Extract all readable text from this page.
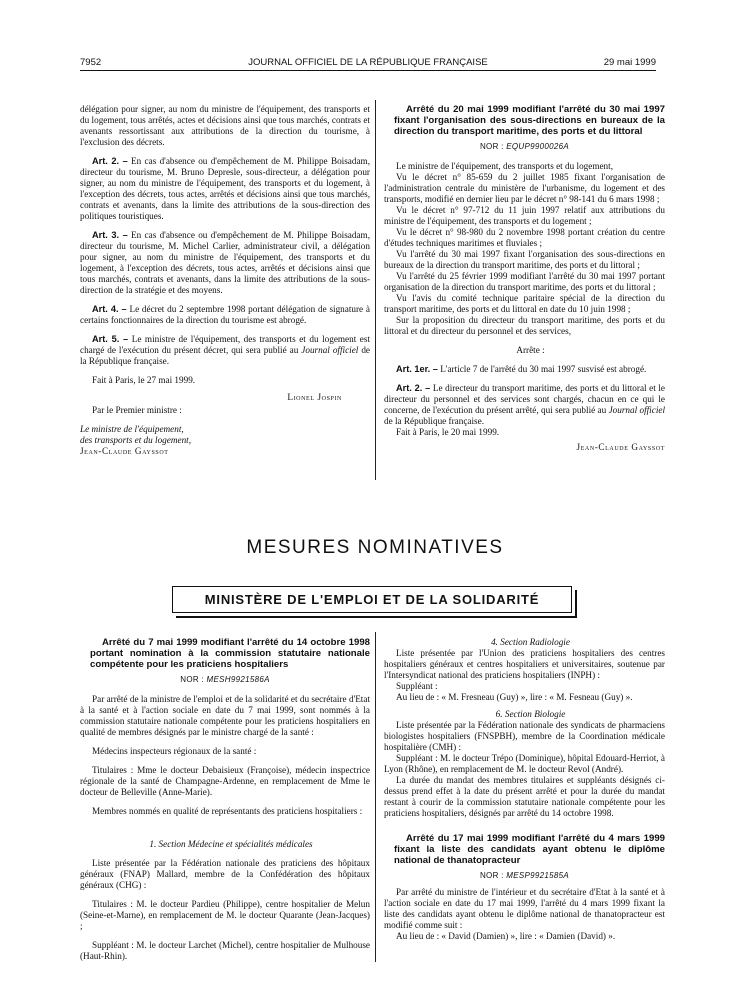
7952	JOURNAL OFFICIEL DE LA RÉPUBLIQUE FRANÇAISE	29 mai 1999

délégation pour signer, au nom du ministre de l'équipement, des transports et du logement, tous arrêtés, actes et décisions ainsi que tous marchés, contrats et avenants ressortissant aux attributions de la direction du tourisme, à l'exclusion des décrets.

Art. 2. – En cas d'absence ou d'empêchement de M. Philippe Boisadam, directeur du tourisme, M. Bruno Depresle, sous-directeur, a délégation pour signer, au nom du ministre de l'équipement, des transports et du logement, à l'exception des décrets, tous actes, arrêtés et décisions ainsi que tous marchés, contrats et avenants, dans la limite des attributions de la sous-direction des politiques touristiques.

Art. 3. – En cas d'absence ou d'empêchement de M. Philippe Boisadam, directeur du tourisme, M. Michel Carlier, administrateur civil, a délégation pour signer, au nom du ministre de l'équipement, des transports et du logement, à l'exception des décrets, tous actes, arrêtés et décisions ainsi que tous marchés, contrats et avenants, dans la limite des attributions de la sous-direction de la stratégie et des moyens.

Art. 4. – Le décret du 2 septembre 1998 portant délégation de signature à certains fonctionnaires de la direction du tourisme est abrogé.

Art. 5. – Le ministre de l'équipement, des transports et du logement est chargé de l'exécution du présent décret, qui sera publié au Journal officiel de la République française.

Fait à Paris, le 27 mai 1999.

Lionel Jospin

Par le Premier ministre :

Le ministre de l'équipement,
des transports et du logement,
Jean-Claude Gayssot

Arrêté du 20 mai 1999 modifiant l'arrêté du 30 mai 1997 fixant l'organisation des sous-directions en bureaux de la direction du transport maritime, des ports et du littoral

NOR : EQUP9900026A

Le ministre de l'équipement, des transports et du logement,

Vu le décret n° 85-659 du 2 juillet 1985 fixant l'organisation de l'administration centrale du ministère de l'urbanisme, du logement et des transports, modifié en dernier lieu par le décret n° 98-141 du 6 mars 1998 ;

Vu le décret n° 97-712 du 11 juin 1997 relatif aux attributions du ministre de l'équipement, des transports et du logement ;

Vu le décret n° 98-980 du 2 novembre 1998 portant création du centre d'études techniques maritimes et fluviales ;

Vu l'arrêté du 30 mai 1997 fixant l'organisation des sous-directions en bureaux de la direction du transport maritime, des ports et du littoral ;

Vu l'arrêté du 25 février 1999 modifiant l'arrêté du 30 mai 1997 portant organisation de la direction du transport maritime, des ports et du littoral ;

Vu l'avis du comité technique paritaire spécial de la direction du transport maritime, des ports et du littoral en date du 10 juin 1998 ;

Sur la proposition du directeur du transport maritime, des ports et du littoral et du directeur du personnel et des services,

Arrête :

Art. 1er. – L'article 7 de l'arrêté du 30 mai 1997 susvisé est abrogé.

Art. 2. – Le directeur du transport maritime, des ports et du littoral et le directeur du personnel et des services sont chargés, chacun en ce qui le concerne, de l'exécution du présent arrêté, qui sera publié au Journal officiel de la République française.

Fait à Paris, le 20 mai 1999.

Jean-Claude Gayssot

MESURES NOMINATIVES
MINISTÈRE DE L'EMPLOI ET DE LA SOLIDARITÉ

Arrêté du 7 mai 1999 modifiant l'arrêté du 14 octobre 1998 portant nomination à la commission statutaire nationale compétente pour les praticiens hospitaliers

NOR : MESH9921586A

Par arrêté de la ministre de l'emploi et de la solidarité et du secrétaire d'Etat à la santé et à l'action sociale en date du 7 mai 1999, sont nommés à la commission statutaire nationale compétente pour les praticiens hospitaliers en qualité de membres désignés par le ministre chargé de la santé :

Médecins inspecteurs régionaux de la santé :

Titulaires : Mme le docteur Debaisieux (Françoise), médecin inspectrice régionale de la santé de Champagne-Ardenne, en remplacement de Mme le docteur de Belleville (Anne-Marie).

Membres nommés en qualité de représentants des praticiens hospitaliers :

1. Section Médecine et spécialités médicales

Liste présentée par la Fédération nationale des praticiens des hôpitaux généraux (FNAP) Mallard, membre de la Confédération des hôpitaux généraux (CHG) :

Titulaires : M. le docteur Pardieu (Philippe), centre hospitalier de Melun (Seine-et-Marne), en remplacement de M. le docteur Quarante (Jean-Jacques) ;

Suppléant : M. le docteur Larchet (Michel), centre hospitalier de Mulhouse (Haut-Rhin).

4. Section Radiologie

Liste présentée par l'Union des praticiens hospitaliers des centres hospitaliers généraux et centres hospitaliers et universitaires, soutenue par l'Intersyndicat national des praticiens hospitaliers (INPH) :

Suppléant :

Au lieu de : « M. Fresneau (Guy) », lire : « M. Fesneau (Guy) ».

6. Section Biologie

Liste présentée par la Fédération nationale des syndicats de pharmaciens biologistes hospitaliers (FNSPBH), membre de la Coordination médicale hospitalière (CMH) :

Suppléant : M. le docteur Trépo (Dominique), hôpital Edouard-Herriot, à Lyon (Rhône), en remplacement de M. le docteur Revol (André).

La durée du mandat des membres titulaires et suppléants désignés ci-dessus prend effet à la date du présent arrêté et pour la durée du mandat restant à courir de la commission statutaire nationale compétente pour les praticiens hospitaliers, désignés par arrêté du 14 octobre 1998.

Arrêté du 17 mai 1999 modifiant l'arrêté du 4 mars 1999 fixant la liste des candidats ayant obtenu le diplôme national de thanatopracteur

NOR : MESP9921585A

Par arrêté du ministre de l'intérieur et du secrétaire d'Etat à la santé et à l'action sociale en date du 17 mai 1999, l'arrêté du 4 mars 1999 fixant la liste des candidats ayant obtenu le diplôme national de thanatopracteur est modifié comme suit :

Au lieu de : « David (Damien) », lire : « Damien (David) ».
